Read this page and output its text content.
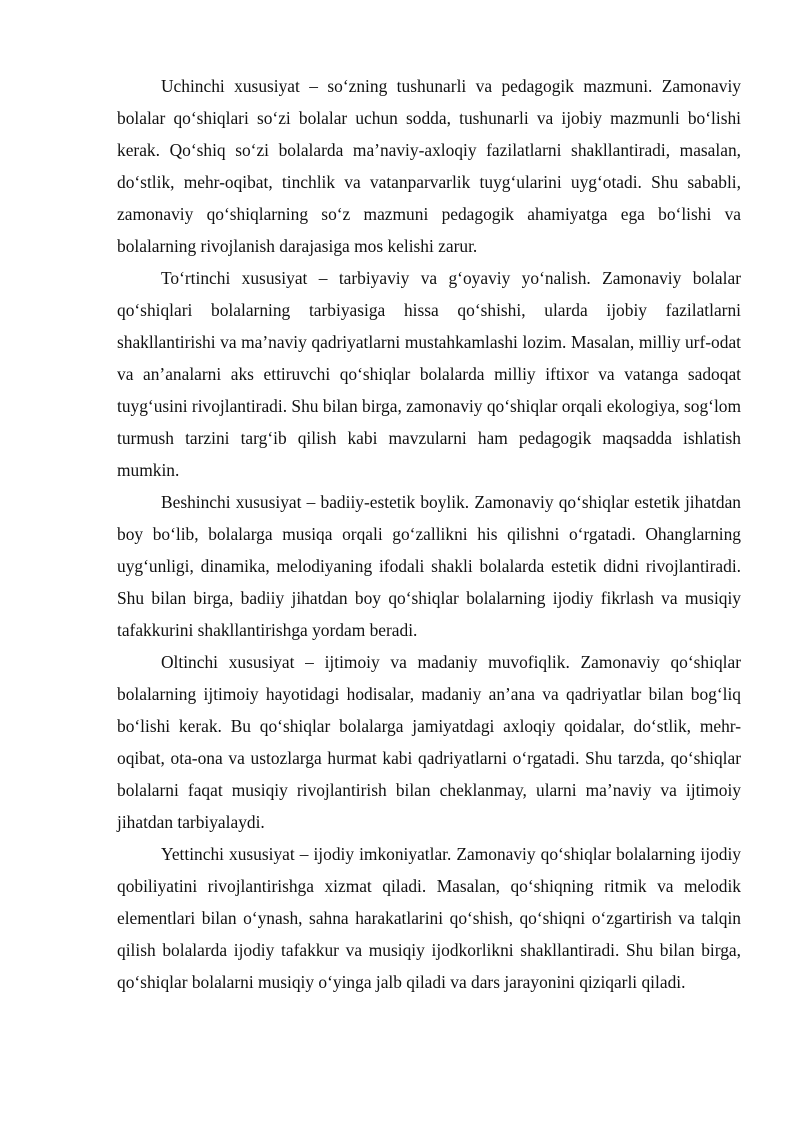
Uchinchi xususiyat – so‘zning tushunarli va pedagogik mazmuni. Zamonaviy bolalar qo‘shiqlari so‘zi bolalar uchun sodda, tushunarli va ijobiy mazmunli bo‘lishi kerak. Qo‘shiq so‘zi bolalarda ma’naviy-axloqiy fazilatlarni shakllantiradi, masalan, do‘stlik, mehr-oqibat, tinchlik va vatanparvarlik tuyg‘ularini uyg‘otadi. Shu sababli, zamonaviy qo‘shiqlarning so‘z mazmuni pedagogik ahamiyatga ega bo‘lishi va bolalarning rivojlanish darajasiga mos kelishi zarur.

To‘rtinchi xususiyat – tarbiyaviy va g‘oyaviy yo‘nalish. Zamonaviy bolalar qo‘shiqlari bolalarning tarbiyasiga hissa qo‘shishi, ularda ijobiy fazilatlarni shakllantirishi va ma’naviy qadriyatlarni mustahkamlashi lozim. Masalan, milliy urf-odat va an’analarni aks ettiruvchi qo‘shiqlar bolalarda milliy iftixor va vatanga sadoqat tuyg‘usini rivojlantiradi. Shu bilan birga, zamonaviy qo‘shiqlar orqali ekologiya, sog‘lom turmush tarzini targ‘ib qilish kabi mavzularni ham pedagogik maqsadda ishlatish mumkin.

Beshinchi xususiyat – badiiy-estetik boylik. Zamonaviy qo‘shiqlar estetik jihatdan boy bo‘lib, bolalarga musiqa orqali go‘zallikni his qilishni o‘rgatadi. Ohanglarning uyg‘unligi, dinamika, melodiyaning ifodali shakli bolalarda estetik didni rivojlantiradi. Shu bilan birga, badiiy jihatdan boy qo‘shiqlar bolalarning ijodiy fikrlash va musiqiy tafakkurini shakllantirishga yordam beradi.

Oltinchi xususiyat – ijtimoiy va madaniy muvofiqlik. Zamonaviy qo‘shiqlar bolalarning ijtimoiy hayotidagi hodisalar, madaniy an’ana va qadriyatlar bilan bog‘liq bo‘lishi kerak. Bu qo‘shiqlar bolalarga jamiyatdagi axloqiy qoidalar, do‘stlik, mehr-oqibat, ota-ona va ustozlarga hurmat kabi qadriyatlarni o‘rgatadi. Shu tarzda, qo‘shiqlar bolalarni faqat musiqiy rivojlantirish bilan cheklanmay, ularni ma’naviy va ijtimoiy jihatdan tarbiyalaydi.

Yettinchi xususiyat – ijodiy imkoniyatlar. Zamonaviy qo‘shiqlar bolalarning ijodiy qobiliyatini rivojlantirishga xizmat qiladi. Masalan, qo‘shiqning ritmik va melodik elementlari bilan o‘ynash, sahna harakatlarini qo‘shish, qo‘shiqni o‘zgartirish va talqin qilish bolalarda ijodiy tafakkur va musiqiy ijodkorlikni shakllantiradi. Shu bilan birga, qo‘shiqlar bolalarni musiqiy o‘yinga jalb qiladi va dars jarayonini qiziqarli qiladi.
